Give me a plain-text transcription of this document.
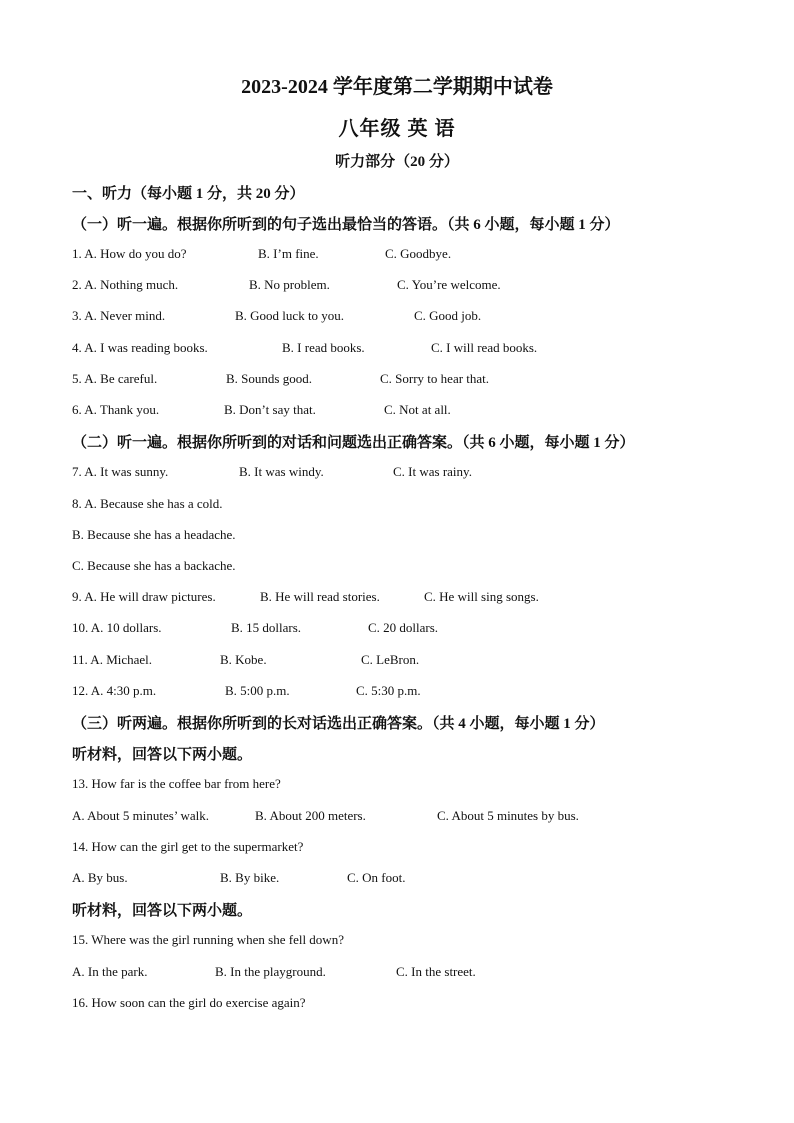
2023-2024 学年度第二学期期中试卷
八年级 英 语
听力部分（20 分）
一、听力（每小题 1 分，共 20 分）
（一）听一遍。根据你所听到的句子选出最恰当的答语。（共 6 小题，每小题 1 分）
1. A. How do you do?	B. I’m fine.	C. Goodbye.
2. A. Nothing much.	B. No problem.	C. You’re welcome.
3. A. Never mind.	B. Good luck to you.	C. Good job.
4. A. I was reading books.	B. I read books.	C. I will read books.
5. A. Be careful.	B. Sounds good.	C. Sorry to hear that.
6. A. Thank you.	B. Don’t say that.	C. Not at all.
（二）听一遍。根据你所听到的对话和问题选出正确答案。（共 6 小题，每小题 1 分）
7. A. It was sunny.	B. It was windy.	C. It was rainy.
8. A. Because she has a cold.
B. Because she has a headache.
C. Because she has a backache.
9. A. He will draw pictures.	B. He will read stories.	C. He will sing songs.
10. A. 10 dollars.	B. 15 dollars.	C. 20 dollars.
11. A. Michael.	B. Kobe.	C. LeBron.
12. A. 4:30 p.m.	B. 5:00 p.m.	C. 5:30 p.m.
（三）听两遍。根据你所听到的长对话选出正确答案。（共 4 小题，每小题 1 分）
听材料，回答以下两小题。
13. How far is the coffee bar from here?
A. About 5 minutes’ walk.	B. About 200 meters.	C. About 5 minutes by bus.
14. How can the girl get to the supermarket?
A. By bus.	B. By bike.	C. On foot.
听材料，回答以下两小题。
15. Where was the girl running when she fell down?
A. In the park.	B. In the playground.	C. In the street.
16. How soon can the girl do exercise again?
